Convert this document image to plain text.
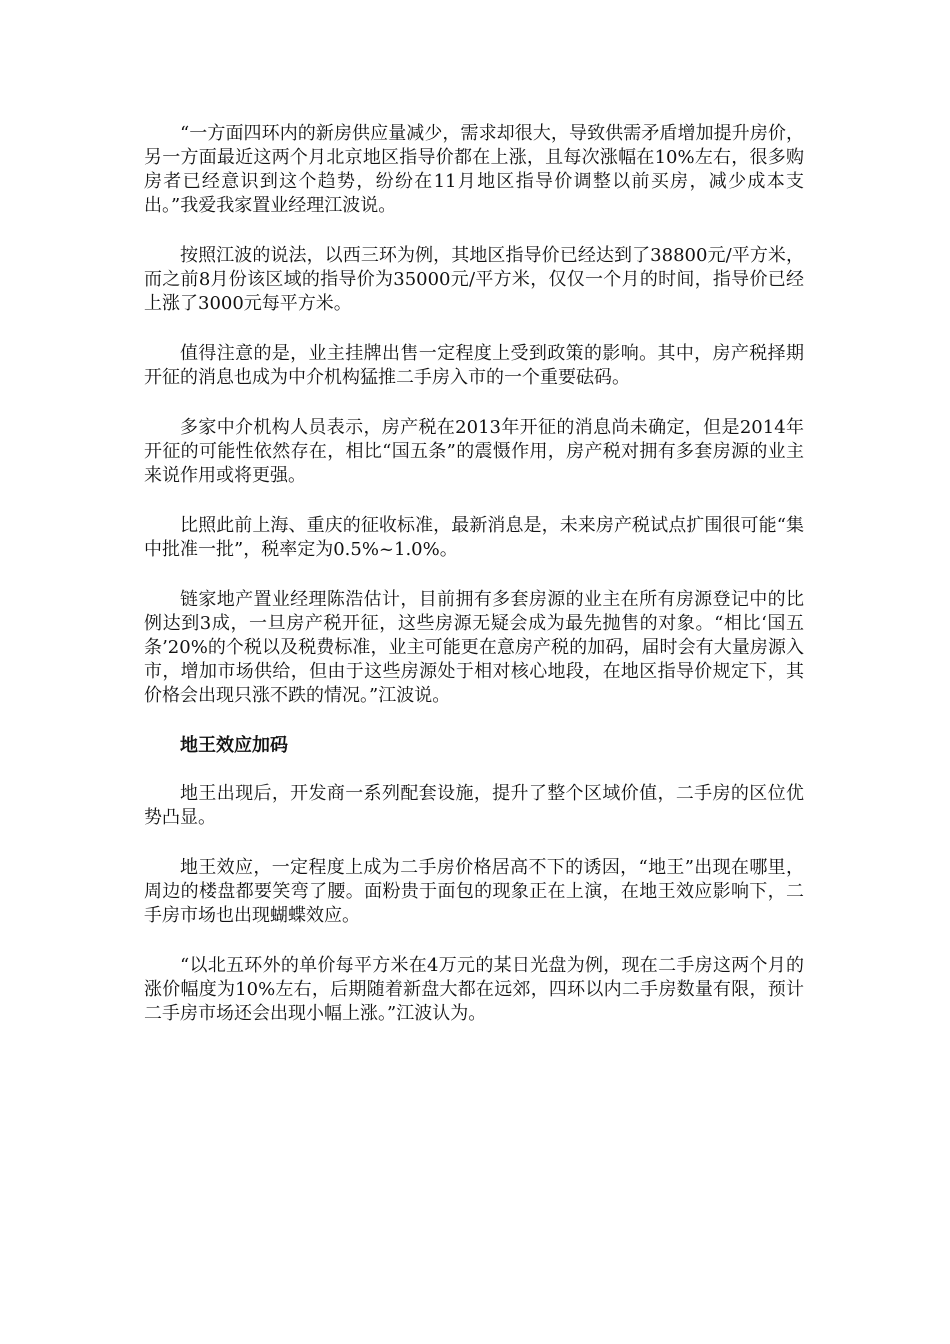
“一方面四环内的新房供应量减少，需求却很大，导致供需矛盾增加提升房价，另一方面最近这两个月北京地区指导价都在上涨，且每次涨幅在10%左右，很多购房者已经意识到这个趋势，纷纷在11月地区指导价调整以前买房，减少成本支出。”我爱我家置业经理江波说。

按照江波的说法，以西三环为例，其地区指导价已经达到了38800元/平方米，而之前8月份该区域的指导价为35000元/平方米，仅仅一个月的时间，指导价已经上涨了3000元每平方米。

值得注意的是，业主挂牌出售一定程度上受到政策的影响。其中，房产税择期开征的消息也成为中介机构猛推二手房入市的一个重要砝码。

多家中介机构人员表示，房产税在2013年开征的消息尚未确定，但是2014年开征的可能性依然存在，相比“国五条”的震慑作用，房产税对拥有多套房源的业主来说作用或将更强。

比照此前上海、重庆的征收标准，最新消息是，未来房产税试点扩围很可能“集中批准一批”，税率定为0.5%~1.0%。

链家地产置业经理陈浩估计，目前拥有多套房源的业主在所有房源登记中的比例达到3成，一旦房产税开征，这些房源无疑会成为最先抛售的对象。“相比‘国五条’20%的个税以及税费标准，业主可能更在意房产税的加码，届时会有大量房源入市，增加市场供给，但由于这些房源处于相对核心地段，在地区指导价规定下，其价格会出现只涨不跌的情况。”江波说。

地王效应加码

地王出现后，开发商一系列配套设施，提升了整个区域价值，二手房的区位优势凸显。

地王效应，一定程度上成为二手房价格居高不下的诱因，“地王”出现在哪里，周边的楼盘都要笑弯了腰。面粉贵于面包的现象正在上演，在地王效应影响下，二手房市场也出现蝴蝶效应。

“以北五环外的单价每平方米在4万元的某日光盘为例，现在二手房这两个月的涨价幅度为10%左右，后期随着新盘大都在远郊，四环以内二手房数量有限，预计二手房市场还会出现小幅上涨。”江波认为。
